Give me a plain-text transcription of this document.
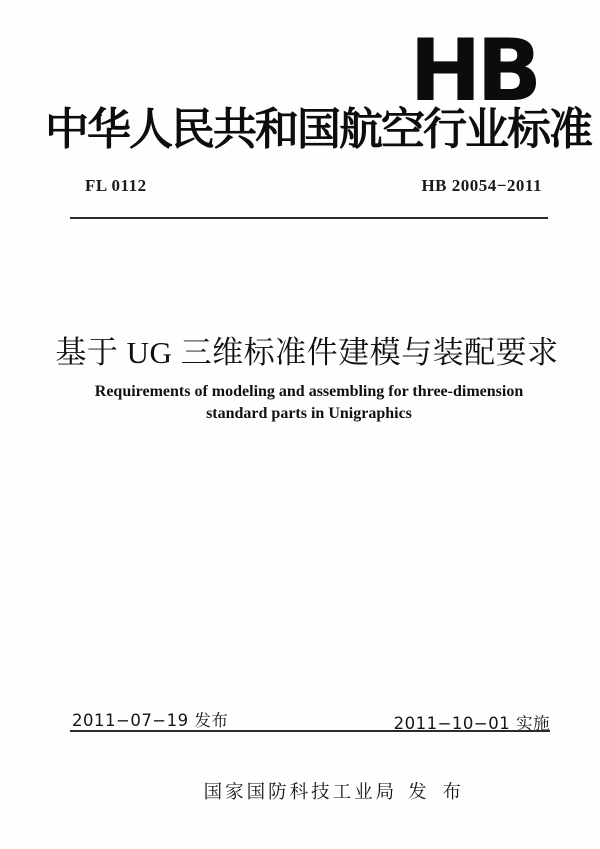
HB
中华人民共和国航空行业标准
FL 0112	HB 20054−2011
基于 UG 三维标准件建模与装配要求
Requirements of modeling and assembling for three-dimension
standard parts in Unigraphics
2011−07−19 发布	2011−10−01 实施

国家国防科技工业局 发 布
